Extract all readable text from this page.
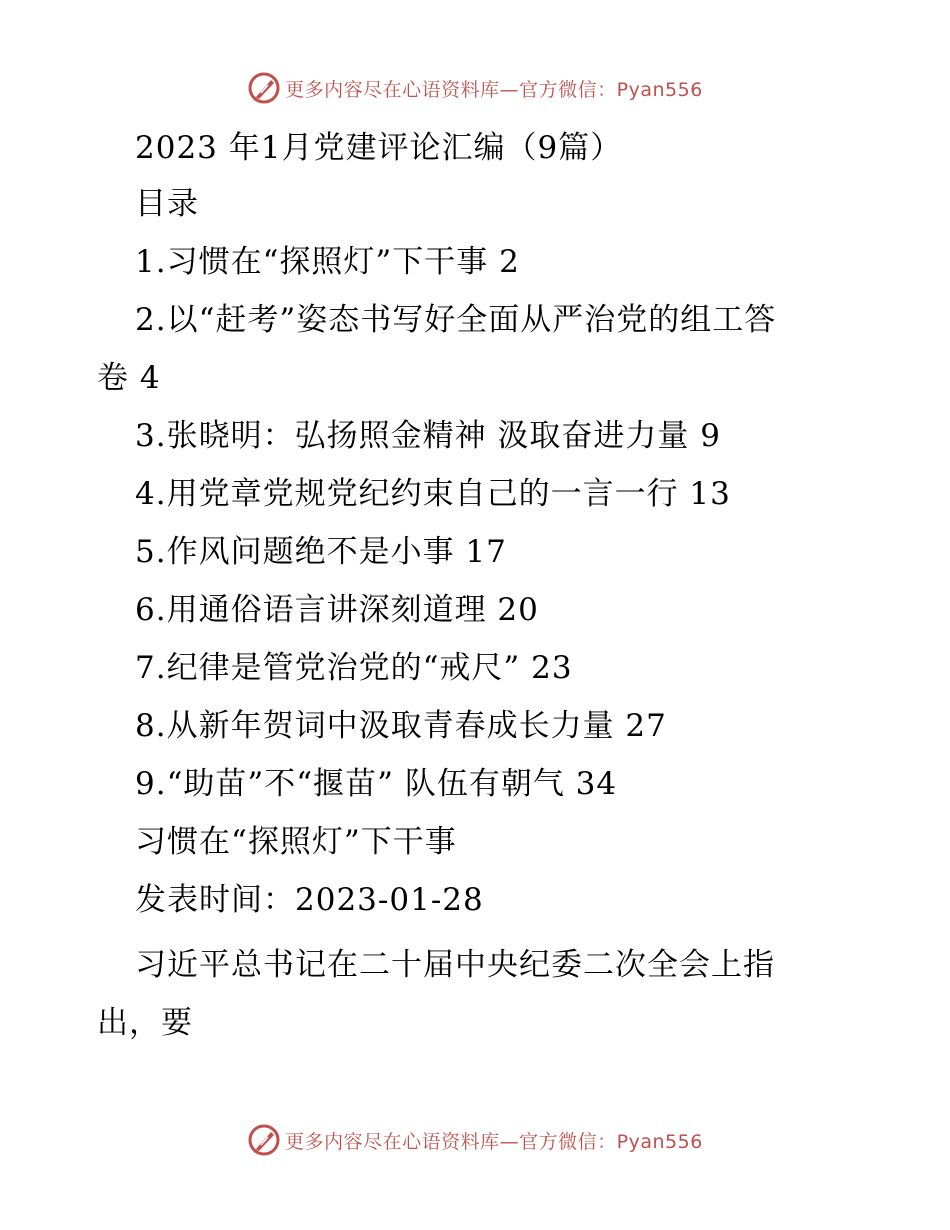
更多内容尽在心语资料库—官方微信：Pyan556
2023 年1月党建评论汇编（9篇）
目录
1.习惯在“探照灯”下干事 2
2.以“赶考”姿态书写好全面从严治党的组工答
卷 4
3.张晓明：弘扬照金精神 汲取奋进力量 9
4.用党章党规党纪约束自己的一言一行 13
5.作风问题绝不是小事 17
6.用通俗语言讲深刻道理 20
7.纪律是管党治党的“戒尺” 23
8.从新年贺词中汲取青春成长力量 27
9.“助苗”不“揠苗” 队伍有朝气 34
习惯在“探照灯”下干事
发表时间：2023-01-28
习近平总书记在二十届中央纪委二次全会上指
出，要
更多内容尽在心语资料库—官方微信：Pyan556
